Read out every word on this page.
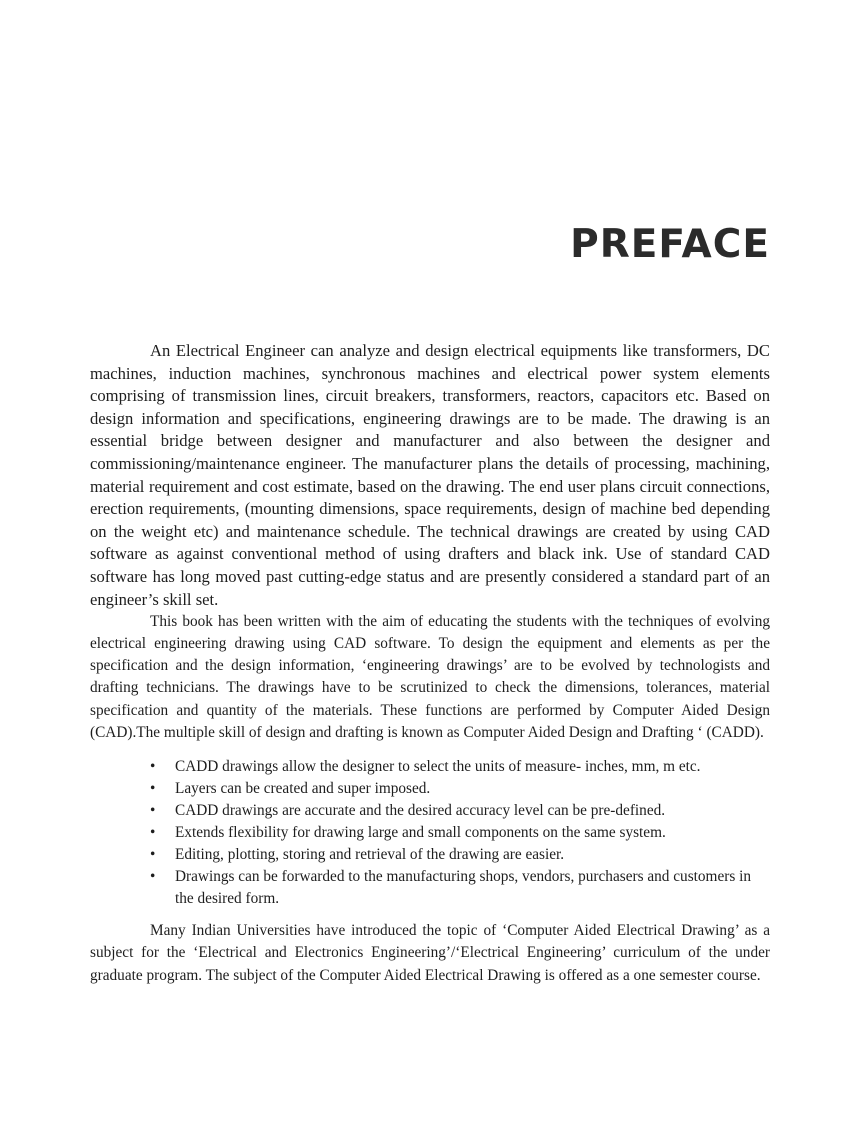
PREFACE

An Electrical Engineer can analyze and design electrical equipments like transformers, DC machines, induction machines, synchronous machines and electrical power system elements comprising of transmission lines, circuit breakers, transformers, reactors, capacitors etc. Based on design information and specifications, engineering drawings are to be made. The drawing is an essential bridge between designer and manufacturer and also between the designer and commissioning/maintenance engineer. The manufacturer plans the details of processing, machining, material requirement and cost estimate, based on the drawing. The end user plans circuit connections, erection requirements, (mounting dimensions, space requirements, design of machine bed depending on the weight etc) and maintenance schedule. The technical drawings are created by using CAD software as against conventional method of using drafters and black ink. Use of standard CAD software has long moved past cutting-edge status and are presently considered a standard part of an engineer’s skill set.

This book has been written with the aim of educating the students with the techniques of evolving electrical engineering drawing using CAD software. To design the equipment and elements as per the specification and the design information, ‘engineering drawings’ are to be evolved by technologists and drafting technicians. The drawings have to be scrutinized to check the dimensions, tolerances, material specification and quantity of the materials. These functions are performed by Computer Aided Design (CAD).The multiple skill of design and drafting is known as Computer Aided Design and Drafting ‘ (CADD).

• CADD drawings allow the designer to select the units of measure- inches, mm, m etc.
• Layers can be created and super imposed.
• CADD drawings are accurate and the desired accuracy level can be pre-defined.
• Extends flexibility for drawing large and small components on the same system.
• Editing, plotting, storing and retrieval of the drawing are easier.
• Drawings can be forwarded to the manufacturing shops, vendors, purchasers and customers in the desired form.

Many Indian Universities have introduced the topic of ‘Computer Aided Electrical Drawing’ as a subject for the ‘Electrical and Electronics Engineering’/‘Electrical Engineering’ curriculum of the under graduate program. The subject of the Computer Aided Electrical Drawing is offered as a one semester course.
